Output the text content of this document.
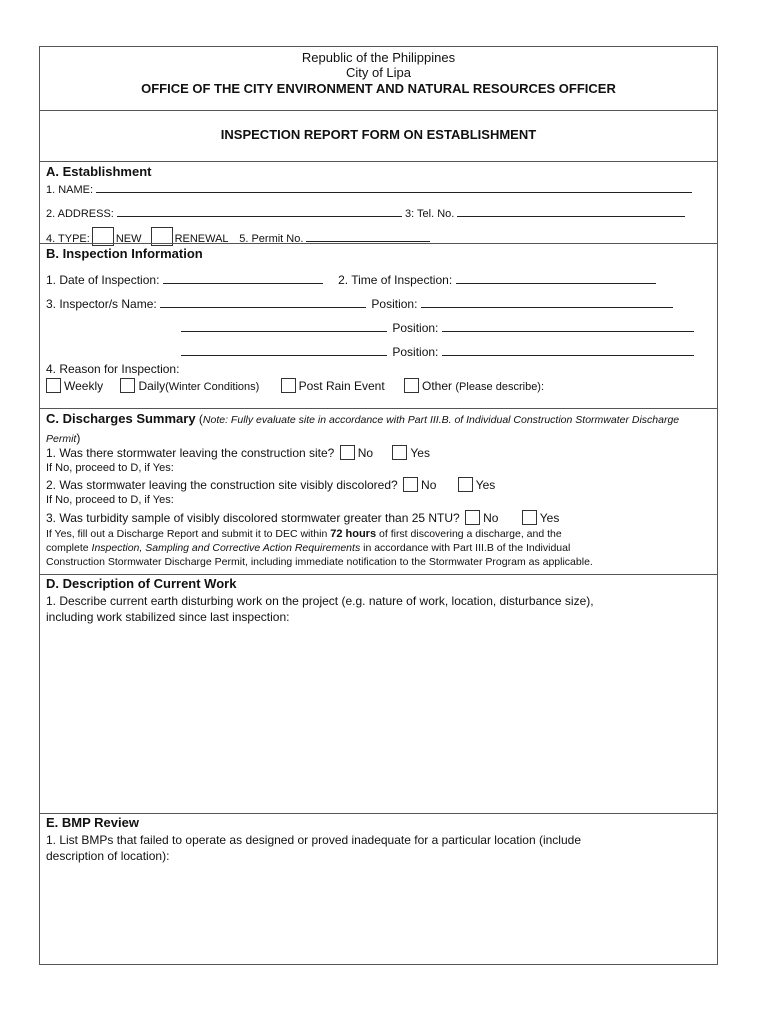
Republic of the Philippines
City of Lipa
OFFICE OF THE CITY ENVIRONMENT AND NATURAL RESOURCES OFFICER
INSPECTION REPORT FORM ON ESTABLISHMENT
A. Establishment
1. NAME:
2. ADDRESS:	3: Tel. No.
4. TYPE: NEW	RENEWAL 5. Permit No.
B. Inspection Information
1. Date of Inspection:	2. Time of Inspection:
3. Inspector/s Name:	Position:
Position:
Position:
4. Reason for Inspection:
Weekly	Daily(Winter Conditions)	Post Rain Event	Other (Please describe):
C. Discharges Summary (Note: Fully evaluate site in accordance with Part III.B. of Individual Construction Stormwater Discharge Permit)
1. Was there stormwater leaving the construction site? No	Yes
If No, proceed to D, if Yes:
2. Was stormwater leaving the construction site visibly discolored? No	Yes
If No, proceed to D, if Yes:
3. Was turbidity sample of visibly discolored stormwater greater than 25 NTU? No	Yes
If Yes, fill out a Discharge Report and submit it to DEC within 72 hours of first discovering a discharge, and the
complete Inspection, Sampling and Corrective Action Requirements in accordance with Part III.B of the Individual
Construction Stormwater Discharge Permit, including immediate notification to the Stormwater Program as applicable.
D. Description of Current Work
1. Describe current earth disturbing work on the project (e.g. nature of work, location, disturbance size),
including work stabilized since last inspection:
E. BMP Review
1. List BMPs that failed to operate as designed or proved inadequate for a particular location (include
description of location):
